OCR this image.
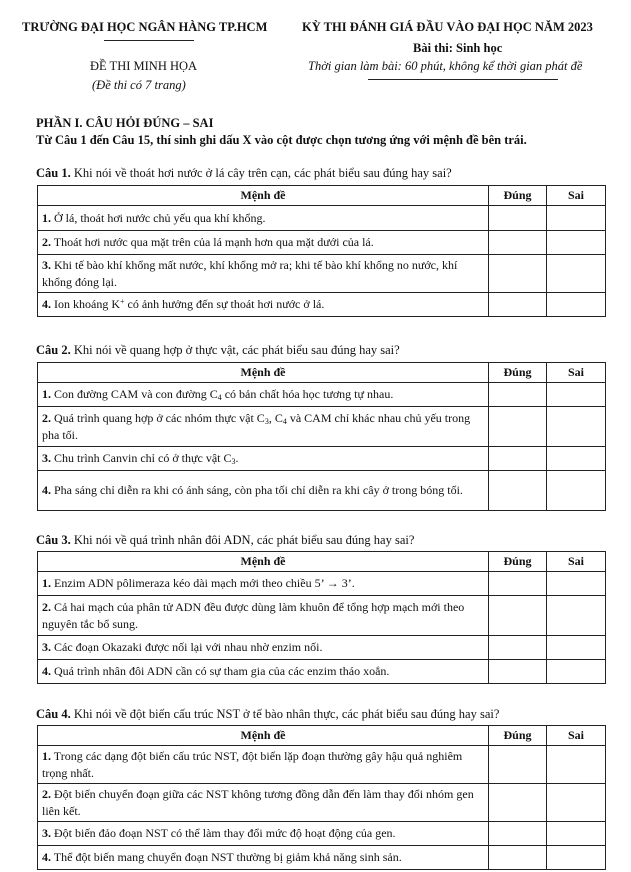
TRƯỜNG ĐẠI HỌC NGÂN HÀNG TP.HCM	KỲ THI ĐÁNH GIÁ ĐẦU VÀO ĐẠI HỌC NĂM 2023
Bài thi: Sinh học
ĐỀ THI MINH HỌA	Thời gian làm bài: 60 phút, không kể thời gian phát đề
(Đề thi có 7 trang)
PHẦN I. CÂU HỎI ĐÚNG – SAI
Từ Câu 1 đến Câu 15, thí sinh ghi dấu X vào cột được chọn tương ứng với mệnh đề bên trái.
Câu 1. Khi nói về thoát hơi nước ở lá cây trên cạn, các phát biểu sau đúng hay sai?
Mệnh đề	Đúng	Sai
1. Ở lá, thoát hơi nước chủ yếu qua khí khổng.		
2. Thoát hơi nước qua mặt trên của lá mạnh hơn qua mặt dưới của lá.		
3. Khi tế bào khí khổng mất nước, khí khổng mở ra; khi tế bào khí khổng no nước, khí khổng đóng lại.		
4. Ion khoáng K+ có ảnh hưởng đến sự thoát hơi nước ở lá.		
Câu 2. Khi nói về quang hợp ở thực vật, các phát biểu sau đúng hay sai?
Mệnh đề	Đúng	Sai
1. Con đường CAM và con đường $C_4$ có bản chất hóa học tương tự nhau.		
2. Quá trình quang hợp ở các nhóm thực vật $C_3$, $C_4$ và CAM chỉ khác nhau chủ yếu trong pha tối.		
3. Chu trình Canvin chỉ có ở thực vật $C_3$.		
4. Pha sáng chỉ diễn ra khi có ánh sáng, còn pha tối chỉ diễn ra khi cây ở trong bóng tối.		
Câu 3. Khi nói về quá trình nhân đôi ADN, các phát biểu sau đúng hay sai?
Mệnh đề	Đúng	Sai
1. Enzim ADN pôlimeraza kéo dài mạch mới theo chiều 5’ → 3’.		
2. Cả hai mạch của phân tử ADN đều được dùng làm khuôn để tổng hợp mạch mới theo nguyên tắc bổ sung.		
3. Các đoạn Okazaki được nối lại với nhau nhờ enzim nối.		
4. Quá trình nhân đôi ADN cần có sự tham gia của các enzim tháo xoắn.		
Câu 4. Khi nói về đột biến cấu trúc NST ở tế bào nhân thực, các phát biểu sau đúng hay sai?
Mệnh đề	Đúng	Sai
1. Trong các dạng đột biến cấu trúc NST, đột biến lặp đoạn thường gây hậu quả nghiêm trọng nhất.		
2. Đột biến chuyển đoạn giữa các NST không tương đồng dẫn đến làm thay đổi nhóm gen liên kết.		
3. Đột biến đảo đoạn NST có thể làm thay đổi mức độ hoạt động của gen.		
4. Thể đột biến mang chuyển đoạn NST thường bị giảm khả năng sinh sản.		
